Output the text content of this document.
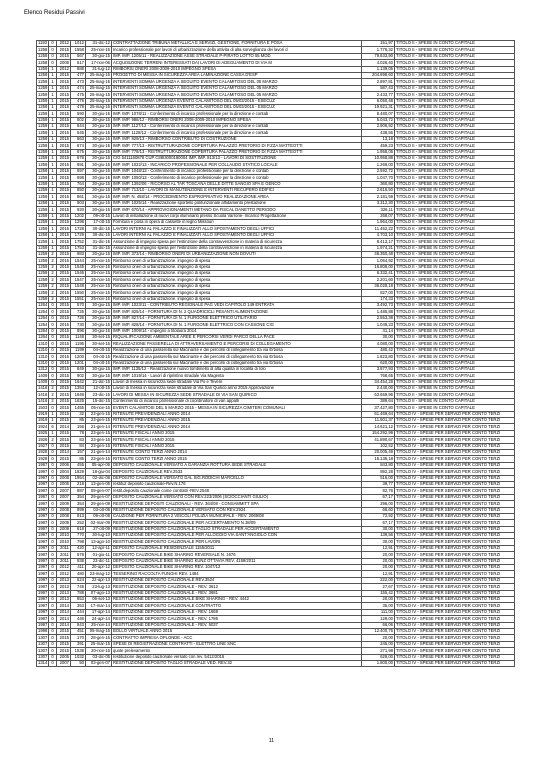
Elenco Residui Passivi
1193	0	2012	1012	31-dic-12	CONTRATTAZIONE TRIBUNA METALLICA E SERVIZI, GESTIONE, FORNITURA E POSA	151,97	TITOLO II - SPESE IN CONTO CAPITALE
1258	0	2015	1558	25-nov-15	Incarico professionale per lavori di urbanizzazione della attivita di alta sorveglianza dei lavori d	1.776,32	TITOLO II - SPESE IN CONTO CAPITALE
1258	0	2015	567	30-giu-15	IMP. IMP. 1205/11 - REALIZZAZIONE ASSE STRADALE P-PIRATO LOTTO 55 MOD	79.633,90	TITOLO II - SPESE IN CONTO CAPITALE
1258	0	2006	517	17-nov-06	ACQUISIZIONE TERRENI INTERESSATI DAI LAVORI DI ADEGUAMENTO DI VIA M	4.026,40	TITOLO II - SPESE IN CONTO CAPITALE
1259	1	2012	888	31-lug-12	RIMBORSI ONERI 2008-2009-2010 IMPEGNO SPESA	1.139,05	TITOLO II - SPESE IN CONTO CAPITALE
1259	1	2015	477	25-mag-15	PROGETTO DI MESSA IN SICUREZZA AREA LAMINAZIONE CASSA D'ESP	204.898,60	TITOLO II - SPESE IN CONTO CAPITALE
1259	1	2015	473	25-mag-15	INTERVENTI SOMMA URGENZA A SEGUITO EVENTO CALAMITOSO DEL 05 MARZO	2.897,81	TITOLO II - SPESE IN CONTO CAPITALE
1259	1	2015	474	25-mag-15	INTERVENTI SOMMA URGENZA A SEGUITO EVENTO CALAMITOSO DEL 05 MARZO	587,43	TITOLO II - SPESE IN CONTO CAPITALE
1259	1	2015	475	25-mag-15	INTERVENTI SOMMA URGENZA A SEGUITO EVENTO CALAMITOSO DEL 05 MARZO	2.433,77	TITOLO II - SPESE IN CONTO CAPITALE
1259	1	2015	476	25-mag-15	INTERVENTI SOMMA URGENZA EVENTO CALAMITOSO DEL 05/03/2015 - ESECUZ	6.050,48	TITOLO II - SPESE IN CONTO CAPITALE
1259	1	2015	478	25-mag-15	INTERVENTI SOMMA URGENZA EVENTO CALAMITOSO DEL 05/03/2015 - ESECUZ	19.921,31	TITOLO II - SPESE IN CONTO CAPITALE
1259	1	2015	590	30-giu-15	IMP. IMP. 1078/11 - Conferimento di incarico professionale per la direzione e contab	8.480,07	TITOLO II - SPESE IN CONTO CAPITALE
1259	1	2015	602	30-giu-15	IMP. IMP. 988/12 - RIMBORSI ONERI 2008-2009-2010 IMPEGNO SPESA	5.043,72	TITOLO II - SPESE IN CONTO CAPITALE
1259	1	2015	644	30-giu-15	IMP. IMP. 1127/12 - Conferimento di incarico professionale per la direzione e contab	2.906,92	TITOLO II - SPESE IN CONTO CAPITALE
1259	1	2015	645	30-giu-15	IMP. IMP. 1128/12 - Conferimento di incarico professionale per la direzione e contab	438,55	TITOLO II - SPESE IN CONTO CAPITALE
1259	1	2015	663	30-giu-15	IMP. IMP. 829/13 - RIMBORSO CONTRIBUTO DI COSTRUZIONE	13,18	TITOLO II - SPESE IN CONTO CAPITALE
1259	1	2015	674	30-giu-15	IMP. IMP. 777/13 - RISTRUTTURAZIONE COPERTURA PALAZZO PRETORIO DI P.ZZA MATTEOTTI	459,23	TITOLO II - SPESE IN CONTO CAPITALE
1259	1	2015	675	30-giu-15	IMP. IMP. 778/13 - RISTRUTTURAZIONE COPERTURA PALAZZO PRETORIO DI P.ZZA MATTEOTTI	1.958,05	TITOLO II - SPESE IN CONTO CAPITALE
1259	1	2015	676	30-giu-15	CIG 5411160878 CUP C88I3000180004 IMP. IMP. 813/13 - LAVORI DI SOSTITUZIONE	10.958,88	TITOLO II - SPESE IN CONTO CAPITALE
1259	1	2015	691	30-giu-15	IMP. IMP. 1022/13 - INCARICO PROFESSIONALE PER COLLAUDO STATICO LOCALE	1.269,00	TITOLO II - SPESE IN CONTO CAPITALE
1259	1	2015	697	30-giu-15	IMP. IMP. 1048/13 - Conferimento di incarico professionale per la direzione e contab	2.592,72	TITOLO II - SPESE IN CONTO CAPITALE
1259	1	2015	698	30-giu-15	IMP. IMP. 1050/13 - Conferimento di incarico professionale per la direzione e contab	1.047,70	TITOLO II - SPESE IN CONTO CAPITALE
1259	1	2015	764	30-giu-15	IMP. IMP. 1392/06 - RICORSO AL TAR TOSCANA DELLE DITTE SANGIO SPA E GENCO	360,80	TITOLO II - SPESE IN CONTO CAPITALE
1259	1	2015	850	30-giu-15	IMP. IMP. 713/10 - LAVORI DI MANUTENZIONE E INTERVENTI RECUPERO EDIFICI	2.616,50	TITOLO II - SPESE IN CONTO CAPITALE
1259	1	2015	861	30-giu-15	IMP. IMP. N. 458/14 - PROCEDIMENTO ESPROPRIATIVO REALIZZAZIONE AREA	2.181,59	TITOLO II - SPESE IN CONTO CAPITALE
1259	1	2015	903	30-giu-15	IMP. IMP. 1025/14 - Realizzazione sportello polifunzionale affidamento prestazione	3.312,30	TITOLO II - SPESE IN CONTO CAPITALE
1259	1	2015	920	30-giu-15	IMP. IMP. 670/14 - APPROVIGIONAMENTI METANO DA FISCAL DANETTO PERIODO	326,11	TITOLO II - SPESE IN CONTO CAPITALE
1259	1	2015	1202	09-ott-15	Lavori di installazione di nuovi corpi illuminanti presso Scuola Varrone- Incarico Progettazione	268,07	TITOLO II - SPESE IN CONTO CAPITALE
1259	1	2015	1298	17-ott-15	Fornitura e posa in opera di cassette in legno Missouri	1.964,00	TITOLO II - SPESE IN CONTO CAPITALE
1259	1	2015	1728	30-dic-15	LAVORI INTERNI AL PALAZZO E FINALIZZATI ALLO SPOSTAMENTO DEGLI UFFICI	11.462,22	TITOLO II - SPESE IN CONTO CAPITALE
1259	1	2015	1729	30-dic-15	LAVORI INTERNI AL PALAZZO E FINALIZZATI ALLO SPOSTAMENTO DEGLI UFFICI	4.703,10	TITOLO II - SPESE IN CONTO CAPITALE
1259	1	2015	1752	31-dic-15	Assunzione di impegno spesa per l'estinzione della contravvenzione in materia di sicurezza	8.413,17	TITOLO II - SPESE IN CONTO CAPITALE
1259	1	2015	1753	31-dic-15	Assunzione di impegno spesa per l'estinzione della contravvenzione in materia di sicurezza	1.974,21	TITOLO II - SPESE IN CONTO CAPITALE
1259	2	2015	983	30-giu-15	IMP. IMP. 373/14 - RIMBORSO ONERI DI URBANIZZAZIONE NON DOVUTI	48.350,48	TITOLO II - SPESE IN CONTO CAPITALE
1259	2	2015	1544	25-nov-15	Rimborso oneri di urbanizzazione. impegno di spesa	1.064,92	TITOLO II - SPESE IN CONTO CAPITALE
1259	2	2015	1545	25-nov-15	Rimborso oneri di urbanizzazione. impegno di spesa	16.808,00	TITOLO II - SPESE IN CONTO CAPITALE
1259	2	2015	1546	25-nov-15	Rimborso oneri di urbanizzazione. impegno di spesa	6.332,41	TITOLO II - SPESE IN CONTO CAPITALE
1259	2	2015	1547	25-nov-15	Rimborso oneri di urbanizzazione. impegno di spesa	2.201,60	TITOLO II - SPESE IN CONTO CAPITALE
1259	2	2015	1548	25-nov-15	Rimborso oneri di urbanizzazione. impegno di spesa	36.028,18	TITOLO II - SPESE IN CONTO CAPITALE
1259	2	2015	1550	25-nov-15	Rimborso oneri di urbanizzazione. impegno di spesa	827,00	TITOLO II - SPESE IN CONTO CAPITALE
1259	2	2015	1551	25-nov-15	Rimborso oneri di urbanizzazione. impegno di spesa	174,33	TITOLO II - SPESE IN CONTO CAPITALE
1264	0	2015	570	30-giu-15	IMP. IMP. 1023/11 - CONTRIBUTO REGIONALE PAG VEDI CAPITOLO 149 ENTRATA	3.492,73	TITOLO II - SPESE IN CONTO CAPITALE
1264	0	2015	725	30-giu-15	IMP. IMP. 825/14 - FORNITURA DI N. 2 QUADRICICLI PESANTI ALIMENTAZIONE	1.485,88	TITOLO II - SPESE IN CONTO CAPITALE
1264	0	2015	726	30-giu-15	IMP. IMP. 827/14 - FORNITURA DI N. 1 FURGONE ELETTRICO UTILITARIO	2.553,38	TITOLO II - SPESE IN CONTO CAPITALE
1264	0	2015	730	30-giu-15	IMP. IMP. 828/14 - FORNITURA DI N. 1 FURGONE ELETTRICO CON CASSONE CIG	1.049,23	TITOLO II - SPESE IN CONTO CAPITALE
1264	0	2015	896	30-giu-15	IMP. IMP. 1009/14 - impegno a titolaura 2014	41,14	TITOLO II - SPESE IN CONTO CAPITALE
1264	0	2015	1148	30-set-15	RIQUALIFICAZIONE AMBIENTALE AREE E PERCORSI VERDI PARCO DELLA PACE	30,00	TITOLO II - SPESE IN CONTO CAPITALE
1310	0	2015	1195	30-set-15	REALIZZAZIONE PASSERELLA DI ATTRAVERSAMENTO E PERCORSI DI COLLEGAMENTO	4.080,00	TITOLO II - SPESE IN CONTO CAPITALE
1310	0	2015	1199	04-ott-15	Realizzazione di una passerella sul Macinante e dei percorsi di collegamento tra via Erbosa	480,42	TITOLO II - SPESE IN CONTO CAPITALE
1310	0	2015	1200	04-ott-15	Realizzazione di una passerella sul Macinante e dei percorsi di collegamento tra via Erbosa	1.823,80	TITOLO II - SPESE IN CONTO CAPITALE
1310	0	2015	1201	04-ott-15	Realizzazione di una passerella sul Macinante e dei percorsi di collegamento tra via Erbosa	620,00	TITOLO II - SPESE IN CONTO CAPITALE
1312	0	2015	849	30-giu-15	IMP. IMP. 1135/12 - Realizzazione nuovo tombinello di alta qualita in localita di Iolo	3.877,93	TITOLO II - SPESE IN CONTO CAPITALE
1409	0	2015	902	30-giu-15	IMP. IMP. 1019/14 - Lavori di ripristino stradale Via Magenta	768,65	TITOLO II - SPESE IN CONTO CAPITALE
1409	0	2015	1642	21-dic-15	Lavori di messa in sicurezza sede stradale Via Po e Tevere	34.454,28	TITOLO II - SPESE IN CONTO CAPITALE
1416	2	2015	1353	12-ott-15	Lavori di messa in sicurezza sede stradale di Via San Quirico anno 2015 Approvazione	2.440,00	TITOLO II - SPESE IN CONTO CAPITALE
1416	2	2015	1646	23-dic-15	LAVORI DI MESSA IN SICUREZZA SEDE STRADALE DI VIA SAN QUIRICO	63.659,96	TITOLO II - SPESE IN CONTO CAPITALE
1416	2	2015	1625	15-dic-15	Conferimento di incarico professionale di coordinatore di vari appalti	389,64	TITOLO II - SPESE IN CONTO CAPITALE
1503	0	2015	1455	05-nov-15	EVENTI CALAMITOSI DEL 5 MARZO 2015 - MESSA IN SICUREZZA CIMITERI COMUNALI	37.427,80	TITOLO II - SPESE IN CONTO CAPITALE
1919	1	2015	32	23-gen-15	RITENUTE PREVIDENZIALI ANNO 2014	61.469,64	TITOLO IV - SPESE PER SERVIZI PER CONTO TERZI
1919	1	2015	85	23-gen-15	RITENUTE PREVIDENZIALI ANNO 2015	11.501,37	TITOLO IV - SPESE PER SERVIZI PER CONTO TERZI
1924	6	2014	156	21-gen-14	RITENUTE PREVIDENZIALI ANNO 2014	14.621,12	TITOLO IV - SPESE PER SERVIZI PER CONTO TERZI
1925	1	2015	78	23-gen-15	RITENUTE FISCALI ANNO 2015	154.292,99	TITOLO IV - SPESE PER SERVIZI PER CONTO TERZI
1926	2	2015	83	23-gen-15	RITENUTE FISCALI ANNO 2015	41.890,67	TITOLO IV - SPESE PER SERVIZI PER CONTO TERZI
1927	0	2015	84	23-gen-15	RITENUTE FISCALI ANNO 2015	102,52	TITOLO IV - SPESE PER SERVIZI PER CONTO TERZI
1928	0	2014	157	21-gen-14	RITENUTE CONTO TERZI ANNO 2014	20.005,49	TITOLO IV - SPESE PER SERVIZI PER CONTO TERZI
1928	0	2015	85	23-gen-15	RITENUTE CONTO TERZI ANNO 2015	15.136,18	TITOLO IV - SPESE PER SERVIZI PER CONTO TERZI
1997	0	2006	455	05-apr-06	DEPOSITO CAUZIONALE VERSATO A GARANZIA ROTTURA SEDE STRADALE	843,80	TITOLO IV - SPESE PER SERVIZI PER CONTO TERZI
1997	0	2004	1829	18-giu-04	DEPOSITO CAUZIONALE REV.2533	892,28	TITOLO IV - SPESE PER SERVIZI PER CONTO TERZI
1997	0	2008	1954	02-dic-08	DEPOSITO CAUZIONALE VERSATO DAL SIG.RODICHI MARCELLO	516,00	TITOLO IV - SPESE PER SERVIZI PER CONTO TERZI
1997	0	2006	218	13-gen-06	restituz deposito cauzionale-Rev.N.176	39,77	TITOLO IV - SPESE PER SERVIZI PER CONTO TERZI
1997	0	2007	887	09-gen-07	restit.deposito cauzionale come contratti -REV.2548	82,76	TITOLO IV - SPESE PER SERVIZI PER CONTO TERZI
1997	0	2007	354	29-gen-07	DEPOSITO CAUZIONALE VERSATO CON REV.223/2006 (SCIOCCIANTI GIULIO)	67,17	TITOLO IV - SPESE PER SERVIZI PER CONTO TERZI
1997	0	2009	354	29-gen-09	RESTITUZIONE DEPOSITI CAUZIONALI - REV. 364/08 - CONSAMMITT SPA	296,00	TITOLO IV - SPESE PER SERVIZI PER CONTO TERZI
1997	0	2008	899	03-ott-08	RESTITUZIONE DEPOSITO CAUZIONALE VERSATO CON REV.2924	66,60	TITOLO IV - SPESE PER SERVIZI PER CONTO TERZI
1997	0	2008	913	09-ott-08	CAUZIONE PER FORNITURA 2 VEICOLI POLIZIA MUNICIPALE - REV. 2069/08	72,92	TITOLO IV - SPESE PER SERVIZI PER CONTO TERZI
1997	0	2009	252	02-mar-09	RESTITUZIONE DEPOSITO CAUZIONALE PER ACCERTAMENTO N.38/09	67,17	TITOLO IV - SPESE PER SERVIZI PER CONTO TERZI
1997	0	2009	618	27-ott-09	RESTITUZIONE DEPOSITO CAUZIONALE TAGLIO STRADALE PER ACCERTAMENTO	30,00	TITOLO IV - SPESE PER SERVIZI PER CONTO TERZI
1997	0	2010	770	30-lug-10	RESTITUZIONE DEPOSITO CAUZIONALE PER ALLOGGIO VIA SANT'ANGIOLO CON	139,56	TITOLO IV - SPESE PER SERVIZI PER CONTO TERZI
1997	0	2010	798	13-ago-10	RESTITUZIONE DEPOSITO CAUZIONALE PER LAVORI	30,00	TITOLO IV - SPESE PER SERVIZI PER CONTO TERZI
1997	0	2011	420	12-apr-11	DEPOSITO CAUZIONALE RESIDENZIALE 1155/2011	12,91	TITOLO IV - SPESE PER SERVIZI PER CONTO TERZI
1997	0	2011	578	01-giu-11	DEPOSITO CAUZIONALE BIKE SHARING REVERSALE N. 1676	20,00	TITOLO IV - SPESE PER SERVIZI PER CONTO TERZI
1997	0	2011	938	23-dic-11	DEPOSITO CAUZIONALE BIKE SHARING KUNZ OTTAVIA REV. 4159/2011	20,00	TITOLO IV - SPESE PER SERVIZI PER CONTO TERZI
1997	0	2012	411	20-apr-12	DEPOSITO CAUZIONALE BIKE SHARING REV. 1047/12	20,00	TITOLO IV - SPESE PER SERVIZI PER CONTO TERZI
1997	0	2012	480	23-mag-12	TESSERINO RACCOLTA FUNGHI REV. 1484	12,91	TITOLO IV - SPESE PER SERVIZI PER CONTO TERZI
1997	0	2013	524	22-apr-13	RESTITUZIONE DEPOSITO CAUZIONALE REV.3524	222,00	TITOLO IV - SPESE PER SERVIZI PER CONTO TERZI
1997	0	2013	745	23-lug-13	RESTITUZIONE DEPOSITO CAUZIONALE - REV. 3612	27,67	TITOLO IV - SPESE PER SERVIZI PER CONTO TERZI
1997	0	2013	788	07-ago-13	RESTITUZIONE DEPOSITO CAUZIONALE - REV. 3681	155,42	TITOLO IV - SPESE PER SERVIZI PER CONTO TERZI
1997	0	2013	853	06-set-13	RESTITUZIONE DEPOSITO CAUZIONALE BIKE SHARING - REV. 4442	20,00	TITOLO IV - SPESE PER SERVIZI PER CONTO TERZI
1997	0	2014	353	17-mar-14	RESTITUZIONE DEPOSITO CAUZIONALE CONTRATTO	35,00	TITOLO IV - SPESE PER SERVIZI PER CONTO TERZI
1997	0	2014	444	17-apr-14	RESTITUZIONE DEPOSITO CAUZIONALE - REV. 1669	111,00	TITOLO IV - SPESE PER SERVIZI PER CONTO TERZI
1997	0	2014	446	24-apr-14	RESTITUZIONE DEPOSITO CAUZIONALE - REV. 1786	129,00	TITOLO IV - SPESE PER SERVIZI PER CONTO TERZI
1997	0	2014	843	25-nov-14	RESTITUZIONE DEPOSITO CAUZIONALE - REV. 5037	66,06	TITOLO IV - SPESE PER SERVIZI PER CONTO TERZI
1998	0	2015	451	05-mag-15	BOLLO VIRTUALE ANNO 2015	12.400,76	TITOLO IV - SPESE PER SERVIZI PER CONTO TERZI
1307	0	2015	170	28-gen-15	CONTRATTO IMPRESA OPLONDE - ACC	20,00	TITOLO IV - SPESE PER SERVIZI PER CONTO TERZI
1307	0	2015	391	25-mar-15	SPESE DI REGISTRAZIONE CONTRATTI - ELETTRO LINE SNC	245,00	TITOLO IV - SPESE PER SERVIZI PER CONTO TERZI
1307	0	2015	1538	20-nov-15	quote prelevamento	271,98	TITOLO IV - SPESE PER SERVIZI PER CONTO TERZI
1307	0	2005	1032	03-dic-05	restituzione deposito cauzionale versato con rev. 5412/2015	629,00	TITOLO IV - SPESE PER SERVIZI PER CONTO TERZI
1314	0	2007	50	03-gen-07	RESTITUZIONE DEPOSITO TAGLIO STRADALE VED. REV.32	1.800,00	TITOLO IV - SPESE PER SERVIZI PER CONTO TERZI
11
